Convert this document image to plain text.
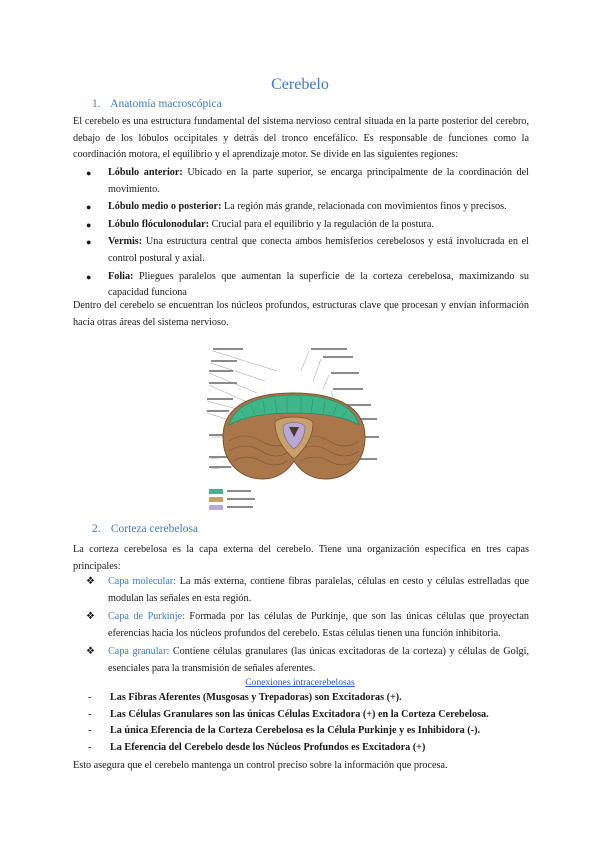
Cerebelo
1. Anatomía macroscópica
El cerebelo es una estructura fundamental del sistema nervioso central situada en la parte posterior del cerebro, debajo de los lóbulos occipitales y detrás del tronco encefálico. Es responsable de funciones como la coordinación motora, el equilibrio y el aprendizaje motor. Se divide en las siguientes regiones:
● Lóbulo anterior: Ubicado en la parte superior, se encarga principalmente de la coordinación del movimiento.
● Lóbulo medio o posterior: La región más grande, relacionada con movimientos finos y precisos.
● Lóbulo flóculonodular: Crucial para el equilibrio y la regulación de la postura.
● Vermis: Una estructura central que conecta ambos hemisferios cerebelosos y está involucrada en el control postural y axial.
● Folia: Pliegues paralelos que aumentan la superficie de la corteza cerebelosa, maximizando su capacidad funciona
Dentro del cerebelo se encuentran los núcleos profundos, estructuras clave que procesan y envían información hacia otras áreas del sistema nervioso.
2. Corteza cerebelosa
La corteza cerebelosa es la capa externa del cerebelo. Tiene una organización específica en tres capas principales:
❖ Capa molecular: La más externa, contiene fibras paralelas, células en cesto y células estrelladas que modulan las señales en esta región.
❖ Capa de Purkinje: Formada por las células de Purkinje, que son las únicas células que proyectan eferencias hacia los núcleos profundos del cerebelo. Estas células tienen una función inhibitoria.
❖ Capa granular: Contiene células granulares (las únicas excitadoras de la corteza) y células de Golgi, esenciales para la transmisión de señales aferentes.
Conexiones intracerebelosas
- Las Fibras Aferentes (Musgosas y Trepadoras) son Excitadoras (+).
- Las Células Granulares son las únicas Células Excitadora (+) en la Corteza Cerebelosa.
- La única Eferencia de la Corteza Cerebelosa es la Célula Purkinje y es Inhibidora (-).
- La Eferencia del Cerebelo desde los Núcleos Profundos es Excitadora (+)
Esto asegura que el cerebelo mantenga un control preciso sobre la información que procesa.
